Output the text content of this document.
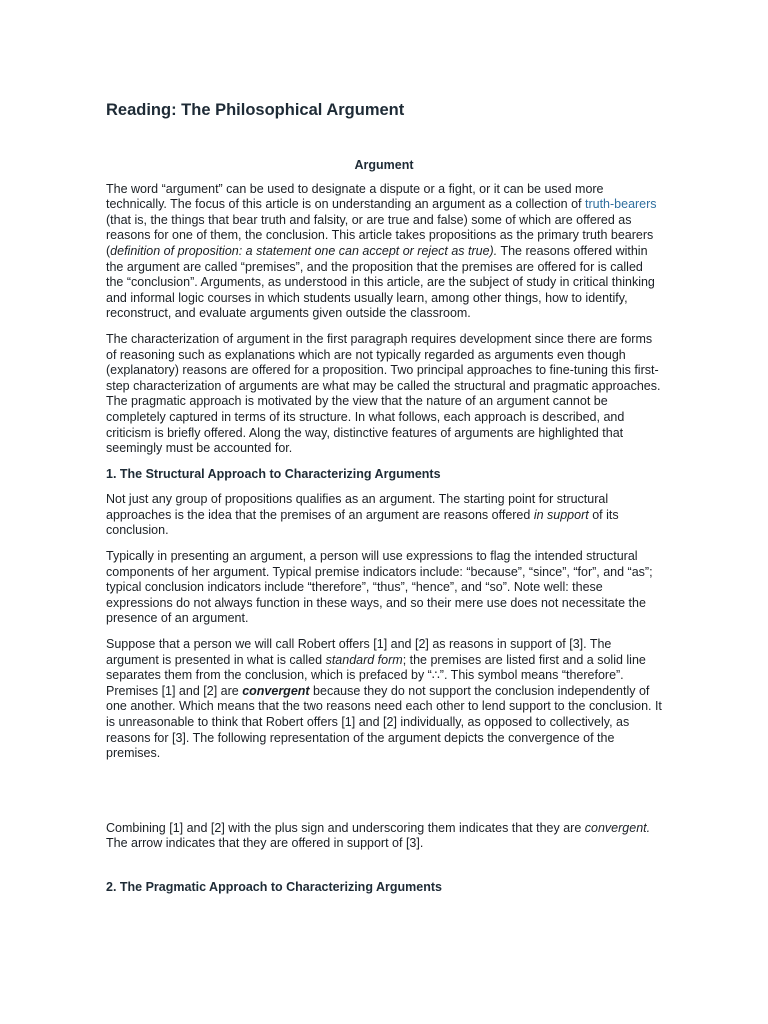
Reading: The Philosophical Argument
Argument

The word “argument” can be used to designate a dispute or a fight, or it can be used more technically. The focus of this article is on understanding an argument as a collection of truth-bearers (that is, the things that bear truth and falsity, or are true and false) some of which are offered as reasons for one of them, the conclusion. This article takes propositions as the primary truth bearers (definition of proposition: a statement one can accept or reject as true). The reasons offered within the argument are called “premises”, and the proposition that the premises are offered for is called the “conclusion”. Arguments, as understood in this article, are the subject of study in critical thinking and informal logic courses in which students usually learn, among other things, how to identify, reconstruct, and evaluate arguments given outside the classroom.

The characterization of argument in the first paragraph requires development since there are forms of reasoning such as explanations which are not typically regarded as arguments even though (explanatory) reasons are offered for a proposition. Two principal approaches to fine-tuning this first-step characterization of arguments are what may be called the structural and pragmatic approaches. The pragmatic approach is motivated by the view that the nature of an argument cannot be completely captured in terms of its structure. In what follows, each approach is described, and criticism is briefly offered. Along the way, distinctive features of arguments are highlighted that seemingly must be accounted for.

1. The Structural Approach to Characterizing Arguments

Not just any group of propositions qualifies as an argument. The starting point for structural approaches is the idea that the premises of an argument are reasons offered in support of its conclusion.

Typically in presenting an argument, a person will use expressions to flag the intended structural components of her argument. Typical premise indicators include: “because”, “since”, “for”, and “as”; typical conclusion indicators include “therefore”, “thus”, “hence”, and “so”. Note well: these expressions do not always function in these ways, and so their mere use does not necessitate the presence of an argument.

Suppose that a person we will call Robert offers [1] and [2] as reasons in support of [3]. The argument is presented in what is called standard form; the premises are listed first and a solid line separates them from the conclusion, which is prefaced by “∴”. This symbol means “therefore”. Premises [1] and [2] are convergent because they do not support the conclusion independently of one another. Which means that the two reasons need each other to lend support to the conclusion. It is unreasonable to think that Robert offers [1] and [2] individually, as opposed to collectively, as reasons for [3]. The following representation of the argument depicts the convergence of the premises.

Combining [1] and [2] with the plus sign and underscoring them indicates that they are convergent. The arrow indicates that they are offered in support of [3].

2. The Pragmatic Approach to Characterizing Arguments
